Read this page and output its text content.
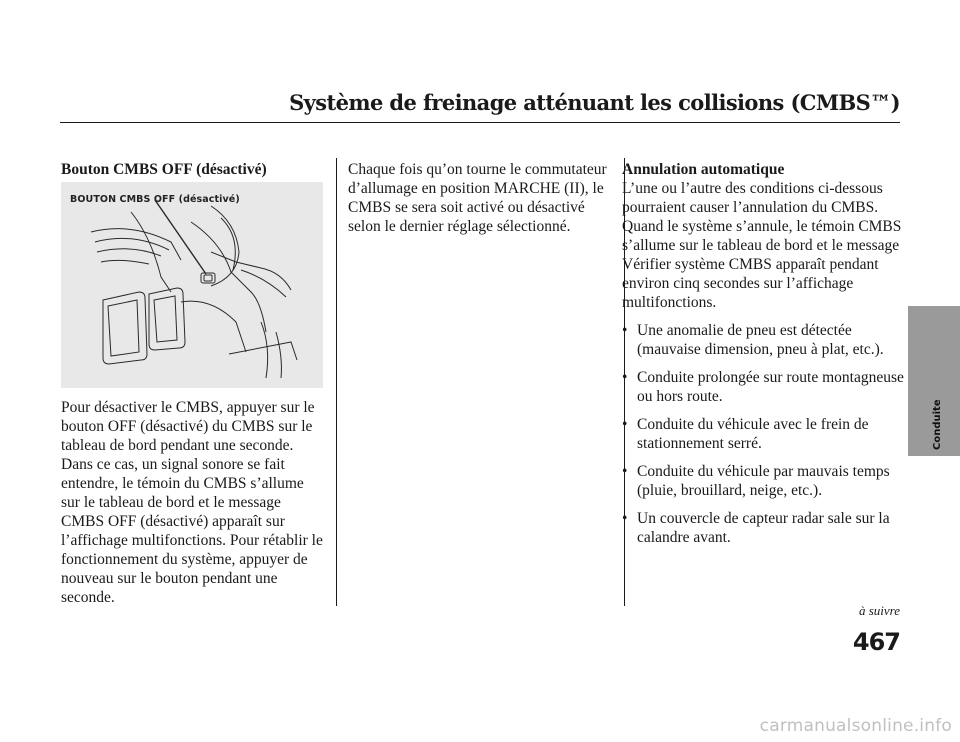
Système de freinage atténuant les collisions (CMBS™)

Bouton CMBS OFF (désactivé)

BOUTON CMBS OFF (désactivé)

Pour désactiver le CMBS, appuyer sur le bouton OFF (désactivé) du CMBS sur le tableau de bord pendant une seconde. Dans ce cas, un signal sonore se fait entendre, le témoin du CMBS s’allume sur le tableau de bord et le message CMBS OFF (désactivé) apparaît sur l’affichage multifonctions. Pour rétablir le fonctionnement du système, appuyer de nouveau sur le bouton pendant une seconde.

Chaque fois qu’on tourne le commutateur d’allumage en position MARCHE (II), le CMBS se sera soit activé ou désactivé selon le dernier réglage sélectionné.

Annulation automatique

L’une ou l’autre des conditions ci-dessous pourraient causer l’annulation du CMBS. Quand le système s’annule, le témoin CMBS s’allume sur le tableau de bord et le message Vérifier système CMBS apparaît pendant environ cinq secondes sur l’affichage multifonctions.

• Une anomalie de pneu est détectée (mauvaise dimension, pneu à plat, etc.).
• Conduite prolongée sur route montagneuse ou hors route.
• Conduite du véhicule avec le frein de stationnement serré.
• Conduite du véhicule par mauvais temps (pluie, brouillard, neige, etc.).
• Un couvercle de capteur radar sale sur la calandre avant.
à suivre
467
Conduite
carmanualsonline.info
